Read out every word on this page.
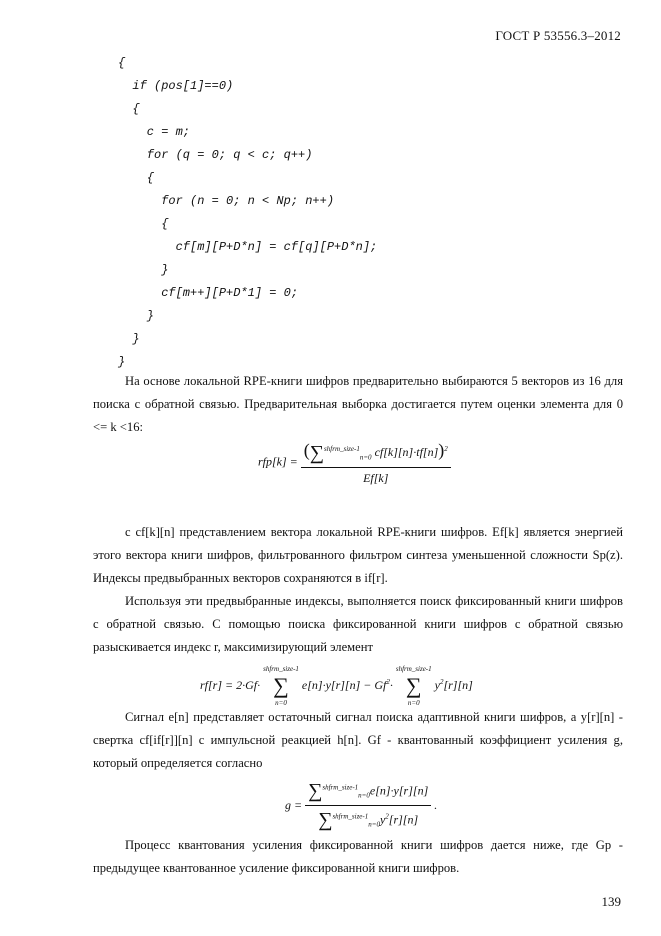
ГОСТ Р 53556.3–2012
{
if (pos[1]==0)
{
c = m;
for (q = 0; q < c; q++)
{
for (n = 0; n < Np; n++)
{
cf[m][P+D*n] = cf[q][P+D*n];
}
cf[m++][P+D*1] = 0;
}
}
}

На основе локальной RPE-книги шифров предварительно выбираются 5 векторов из 16 для поиска с обратной связью. Предварительная выборка достигается путем оценки элемента для 0 <= k <16:

$rfp[k] = \frac{(\sum^{shfrm\_size-1}_{n=0} cf[k][n]\cdot tf[n])^2}{Ef[k]}$

с cf[k][n] представлением вектора локальной RPE-книги шифров. Ef[k] является энергией этого вектора книги шифров, фильтрованного фильтром синтеза уменьшенной сложности Sp(z). Индексы предвыбранных векторов сохраняются в if[r].

Используя эти предвыбранные индексы, выполняется поиск фиксированный книги шифров с обратной связью. С помощью поиска фиксированной книги шифров с обратной связью разыскивается индекс r, максимизирующий элемент

rf[r] = 2·Gf·
shfrm_size-1
∑
n=0
$e[n]\cdot y[r][n] - Gf^2\cdot$
shfrm_size-1
∑
n=0
$y^2[r][n]$

Сигнал e[n] представляет остаточный сигнал поиска адаптивной книги шифров, а y[r][n] - свертка cf[if[r]][n] с импульсной реакцией h[n]. Gf - квантованный коэффициент усиления g, который определяется согласно

$g = \frac{\sum^{shfrm\_size-1}_{n=0}e[n]\cdot y[r][n]}{\sum^{shfrm\_size-1}_{n=0}y^2[r][n]}$ .

Процесс квантования усиления фиксированной книги шифров дается ниже, где Gp - предыдущее квантованное усиление фиксированной книги шифров.

139
